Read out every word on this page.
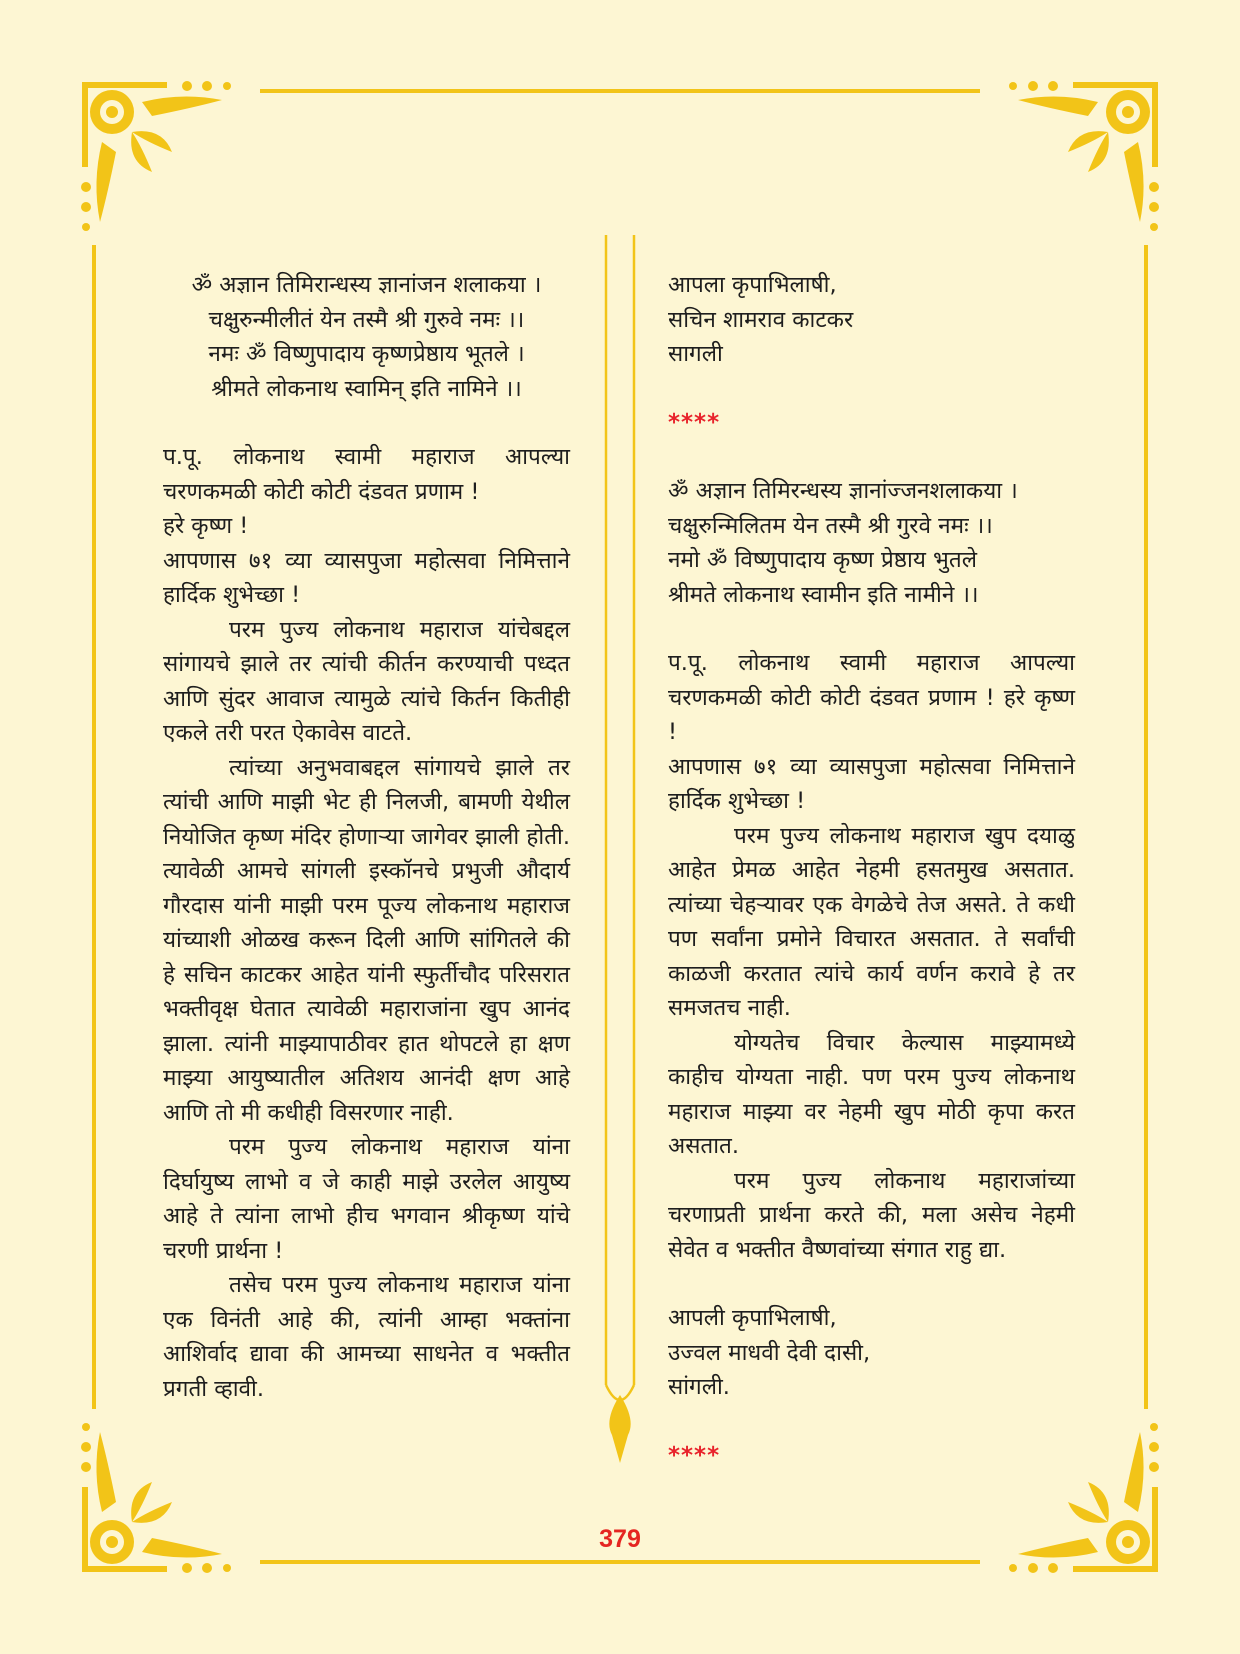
ॐ अज्ञान तिमिरान्धस्य ज्ञानांजन शलाकया ।

चक्षुरुन्मीलीतं येन तस्मै श्री गुरुवे नमः ।।

नमः ॐ विष्णुपादाय कृष्णप्रेष्ठाय भूतले ।

श्रीमते लोकनाथ स्वामिन् इति नामिने ।।

प.पू. लोकनाथ स्वामी महाराज आपल्या चरणकमळी कोटी कोटी दंडवत प्रणाम !

हरे कृष्ण !

आपणास ७१ व्या व्यासपुजा महोत्सवा निमित्ताने हार्दिक शुभेच्छा !

परम पुज्य लोकनाथ महाराज यांचेबद्दल सांगायचे झाले तर त्यांची कीर्तन करण्याची पध्दत आणि सुंदर आवाज त्यामुळे त्यांचे किर्तन कितीही एकले तरी परत ऐकावेस वाटते.

त्यांच्या अनुभवाबद्दल सांगायचे झाले तर त्यांची आणि माझी भेट ही निलजी, बामणी येथील नियोजित कृष्ण मंदिर होणाऱ्या जागेवर झाली होती. त्यावेळी आमचे सांगली इस्कॉनचे प्रभुजी औदार्य गौरदास यांनी माझी परम पूज्य लोकनाथ महाराज यांच्याशी ओळख करून दिली आणि सांगितले की हे सचिन काटकर आहेत यांनी स्फुर्तीचौद परिसरात भक्तीवृक्ष घेतात त्यावेळी महाराजांना खुप आनंद झाला. त्यांनी माझ्यापाठीवर हात थोपटले हा क्षण माझ्या आयुष्यातील अतिशय आनंदी क्षण आहे आणि तो मी कधीही विसरणार नाही.

परम पुज्य लोकनाथ महाराज यांना दिर्घायुष्य लाभो व जे काही माझे उरलेल आयुष्य आहे ते त्यांना लाभो हीच भगवान श्रीकृष्ण यांचे चरणी प्रार्थना !

तसेच परम पुज्य लोकनाथ महाराज यांना एक विनंती आहे की, त्यांनी आम्हा भक्तांना आशिर्वाद द्यावा की आमच्या साधनेत व भक्तीत प्रगती व्हावी.

आपला कृपाभिलाषी,

सचिन शामराव काटकर

सागली

****

ॐ अज्ञान तिमिरन्धस्य ज्ञानांज्जनशलाकया ।

चक्षुरुन्मिलितम येन तस्मै श्री गुरवे नमः ।।

नमो ॐ विष्णुपादाय कृष्ण प्रेष्ठाय भुतले

श्रीमते लोकनाथ स्वामीन इति नामीने ।।

प.पू. लोकनाथ स्वामी महाराज आपल्या चरणकमळी कोटी कोटी दंडवत प्रणाम ! हरे कृष्ण !

आपणास ७१ व्या व्यासपुजा महोत्सवा निमित्ताने हार्दिक शुभेच्छा !

परम पुज्य लोकनाथ महाराज खुप दयाळु आहेत प्रेमळ आहेत नेहमी हसतमुख असतात. त्यांच्या चेहऱ्यावर एक वेगळेचे तेज असते. ते कधी पण सर्वांना प्रमोने विचारत असतात. ते सर्वांची काळजी करतात त्यांचे कार्य वर्णन करावे हे तर समजतच नाही.

योग्यतेच विचार केल्यास माझ्यामध्ये काहीच योग्यता नाही. पण परम पुज्य लोकनाथ महाराज माझ्या वर नेहमी खुप मोठी कृपा करत असतात.

परम पुज्य लोकनाथ महाराजांच्या चरणाप्रती प्रार्थना करते की, मला असेच नेहमी सेवेत व भक्तीत वैष्णवांच्या संगात राहु द्या.

आपली कृपाभिलाषी,

उज्वल माधवी देवी दासी,

सांगली.

****

379
